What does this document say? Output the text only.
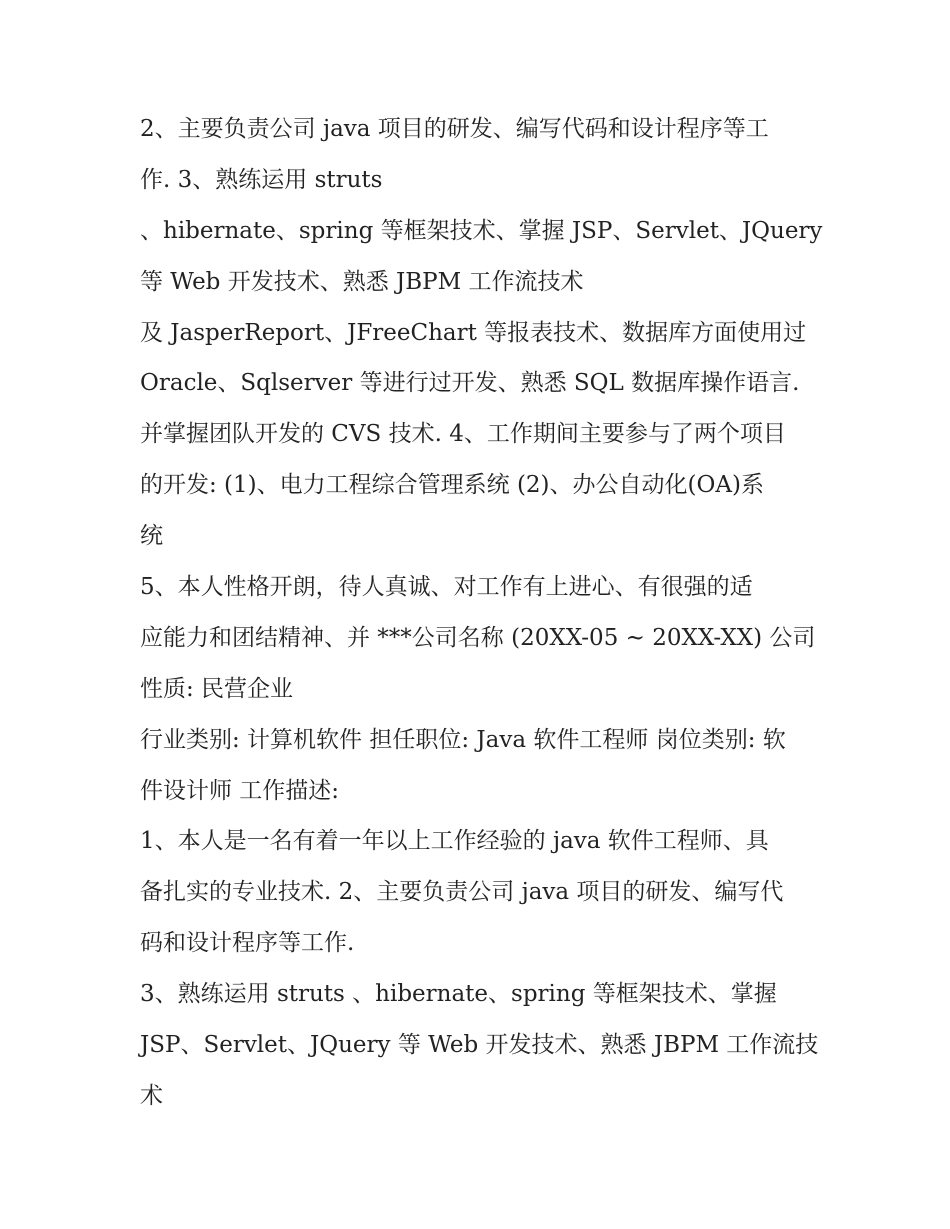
2、主要负责公司 java 项目的研发、编写代码和设计程序等工
作. 3、熟练运用 struts
、hibernate、spring 等框架技术、掌握 JSP、Servlet、JQuery
等 Web 开发技术、熟悉 JBPM 工作流技术
及 JasperReport、JFreeChart 等报表技术、数据库方面使用过
Oracle、Sqlserver 等进行过开发、熟悉 SQL 数据库操作语言.
并掌握团队开发的 CVS 技术. 4、工作期间主要参与了两个项目
的开发: (1)、电力工程综合管理系统 (2)、办公自动化(OA)系
统
5、本人性格开朗，待人真诚、对工作有上进心、有很强的适
应能力和团结精神、并 ***公司名称 (20XX-05 ~ 20XX-XX) 公司
性质: 民营企业
行业类别: 计算机软件 担任职位: Java 软件工程师 岗位类别: 软
件设计师 工作描述:
1、本人是一名有着一年以上工作经验的 java 软件工程师、具
备扎实的专业技术. 2、主要负责公司 java 项目的研发、编写代
码和设计程序等工作.
3、熟练运用 struts 、hibernate、spring 等框架技术、掌握
JSP、Servlet、JQuery 等 Web 开发技术、熟悉 JBPM 工作流技
术
